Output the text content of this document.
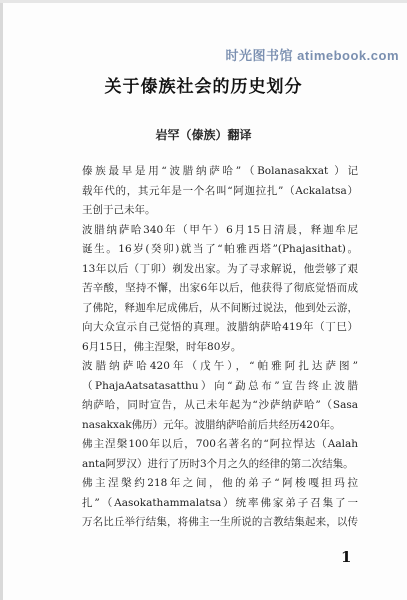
时光图书馆 atimebook.com
关于傣族社会的历史划分
岩罕（傣族）翻译
傣族最早是用“波腊纳萨哈”（Bolanasakxat ）记
载年代的，其元年是一个名叫“阿迦拉扎”（Ackalatsa）
王创于己未年。
波腊纳萨哈340年（甲午）6月15日清晨，释迦牟尼
诞生。16岁(癸卯)就当了“帕雅西塔”(Phajasithat)。
13年以后（丁卯）剃发出家。为了寻求解说，他尝够了艰
苦辛酸，坚持不懈，出家6年以后，他获得了彻底觉悟而成
了佛陀，释迦牟尼成佛后，从不间断过说法，他到处云游，
向大众宣示自己觉悟的真理。波腊纳萨哈419年（丁巳）
6月15日，佛主涅槃，时年80岁。
波腊纳萨哈420年（戊午），“帕雅阿扎达萨图”
（PhajaAatsatasatthu）向“勐总布”宣告终止波腊
纳萨哈，同时宣告，从己未年起为“沙萨纳萨哈”（Sasa
nasakxak佛历）元年。波腊纳萨哈前后共经历420年。
佛主涅槃100年以后，700名著名的“阿拉悍达（Aalah
anta阿罗汉）进行了历时3个月之久的经律的第二次结集。
佛主涅槃约218年之间，他的弟子“阿梭嘎担玛拉
扎”（Aasokathammalatsa）统率佛家弟子召集了一
万名比丘举行结集，将佛主一生所说的言教结集起来，以传
1
